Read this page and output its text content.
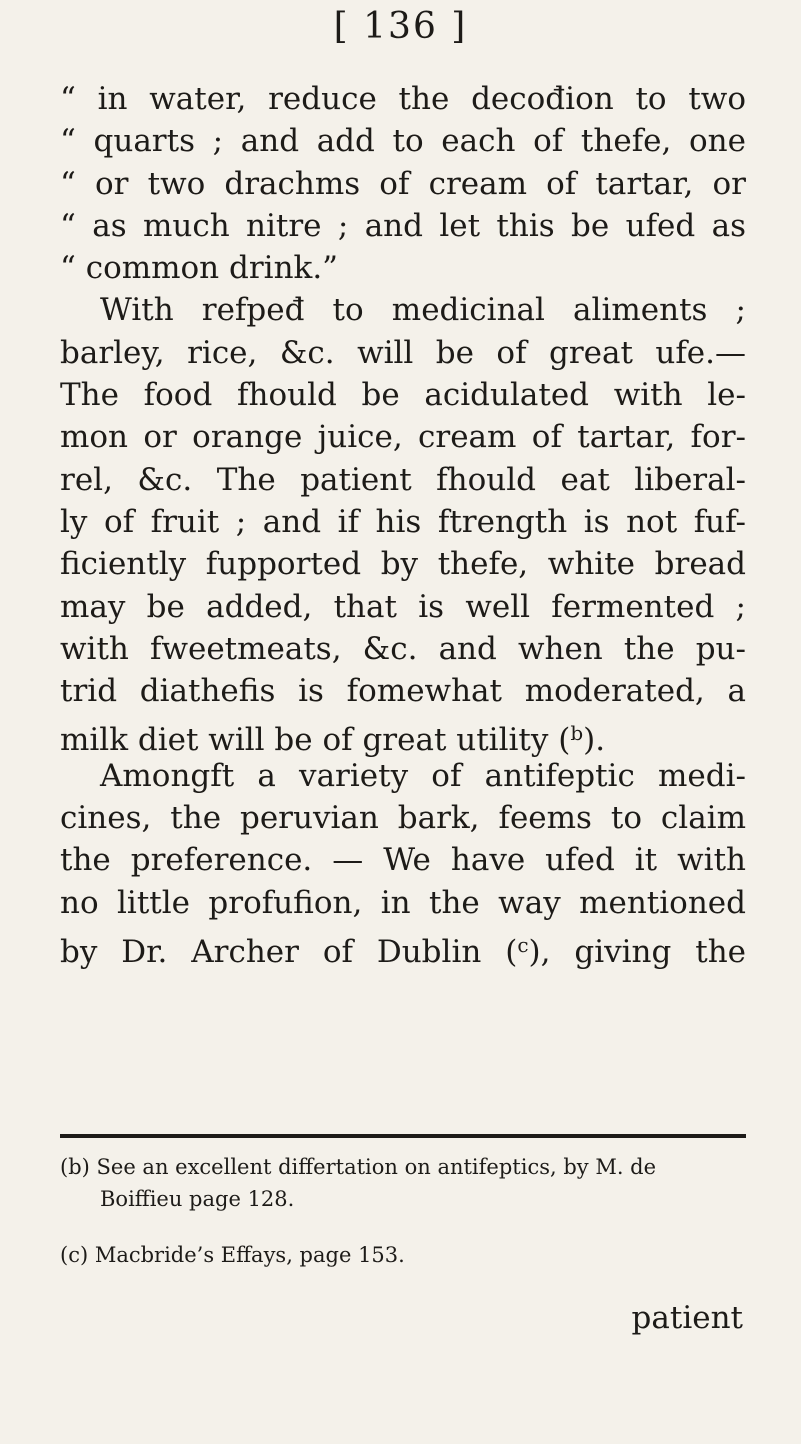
[ 136 ]
“ in water, reduce the decođion to two
“ quarts ; and add to each of thefe, one
“ or two drachms of cream of tartar, or
“ as much nitre ; and let this be ufed as
“ common drink.”
With refpeđ to medicinal aliments ;
barley, rice, &c. will be of great ufe.—
The food fhould be acidulated with le-
mon or orange juice, cream of tartar, for-
rel, &c. The patient fhould eat liberal-
ly of fruit ; and if his ftrength is not fuf-
ficiently fupported by thefe, white bread
may be added, that is well fermented ;
with fweetmeats, &c. and when the pu-
trid diathefis is fomewhat moderated, a
milk diet will be of great utility ($^b$).
Amongft a variety of antifeptic medi-
cines, the peruvian bark, feems to claim
the preference. — We have ufed it with
no little profufion, in the way mentioned
by Dr. Archer of Dublin ($^c$), giving the
(b) See an excellent differtation on antifeptics, by M. de
Boiffieu page 128.
(c) Macbride’s Effays, page 153.
patient
